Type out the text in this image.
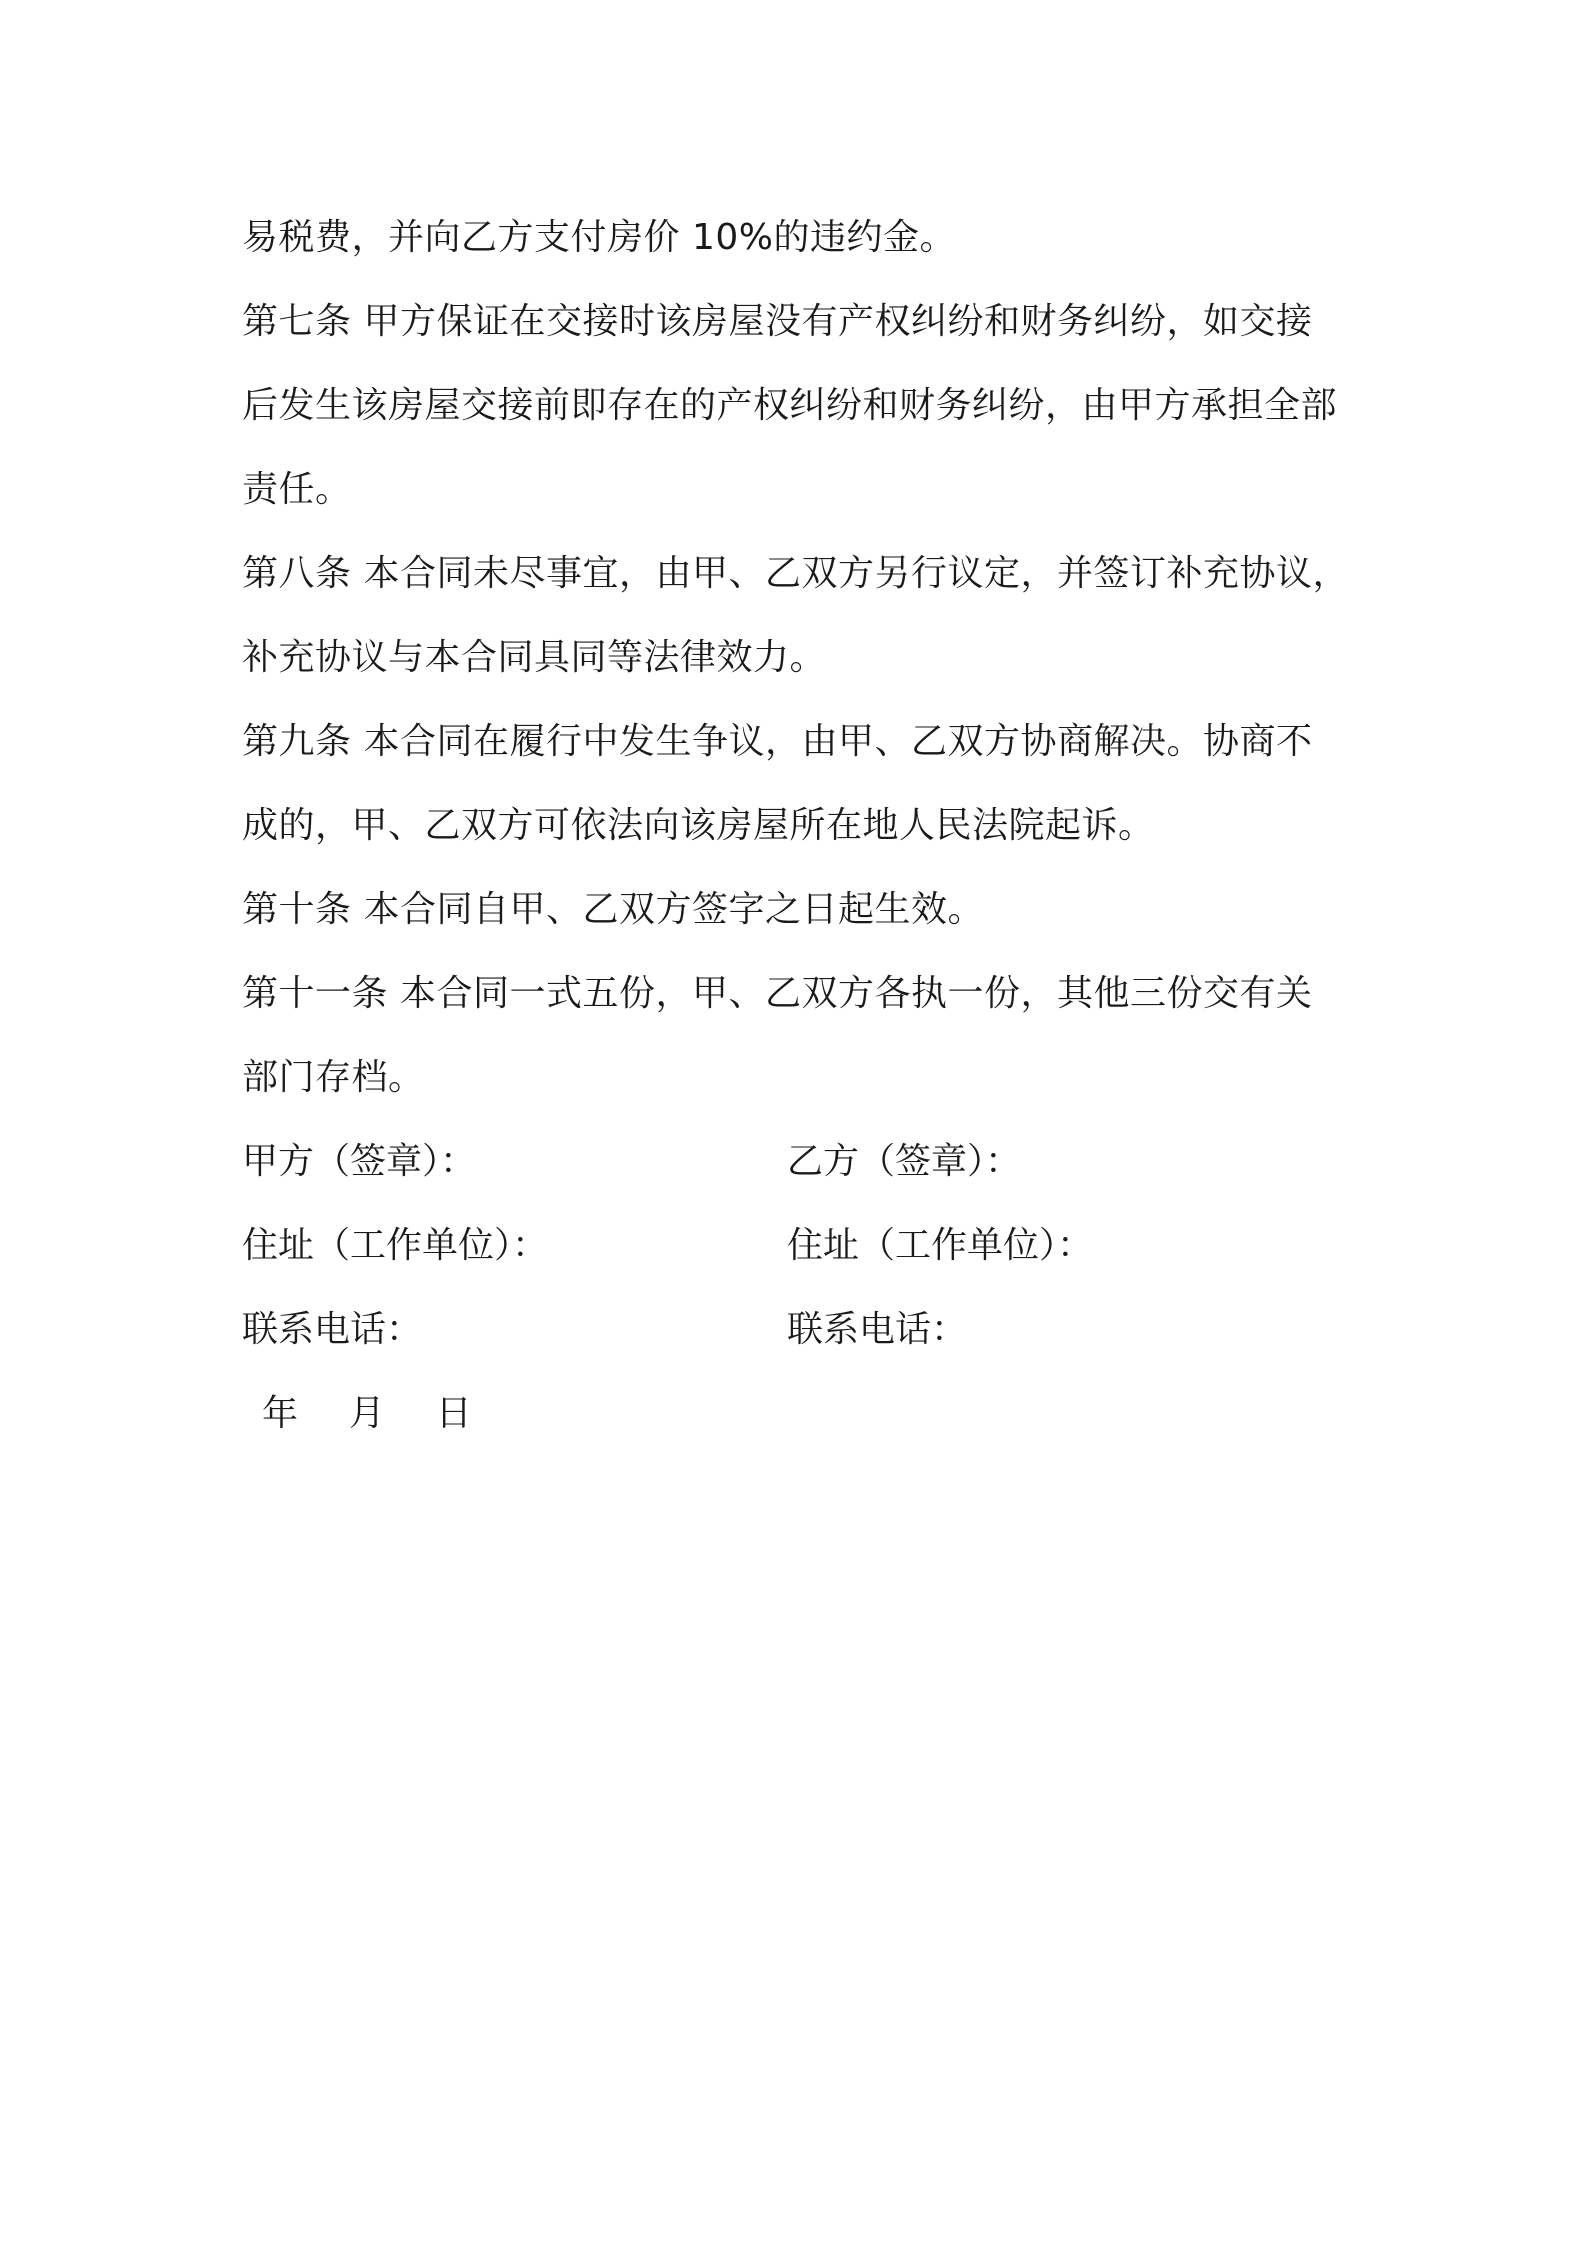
易税费，并向乙方支付房价 10%的违约金。
第七条 甲方保证在交接时该房屋没有产权纠纷和财务纠纷，如交接
后发生该房屋交接前即存在的产权纠纷和财务纠纷，由甲方承担全部
责任。
第八条 本合同未尽事宜，由甲、乙双方另行议定，并签订补充协议，
补充协议与本合同具同等法律效力。
第九条 本合同在履行中发生争议，由甲、乙双方协商解决。协商不
成的，甲、乙双方可依法向该房屋所在地人民法院起诉。
第十条 本合同自甲、乙双方签字之日起生效。
第十一条 本合同一式五份，甲、乙双方各执一份，其他三份交有关
部门存档。
甲方（签章）：	乙方（签章）：
住址（工作单位）：	住址（工作单位）：
联系电话：	联系电话：
年  月  日
